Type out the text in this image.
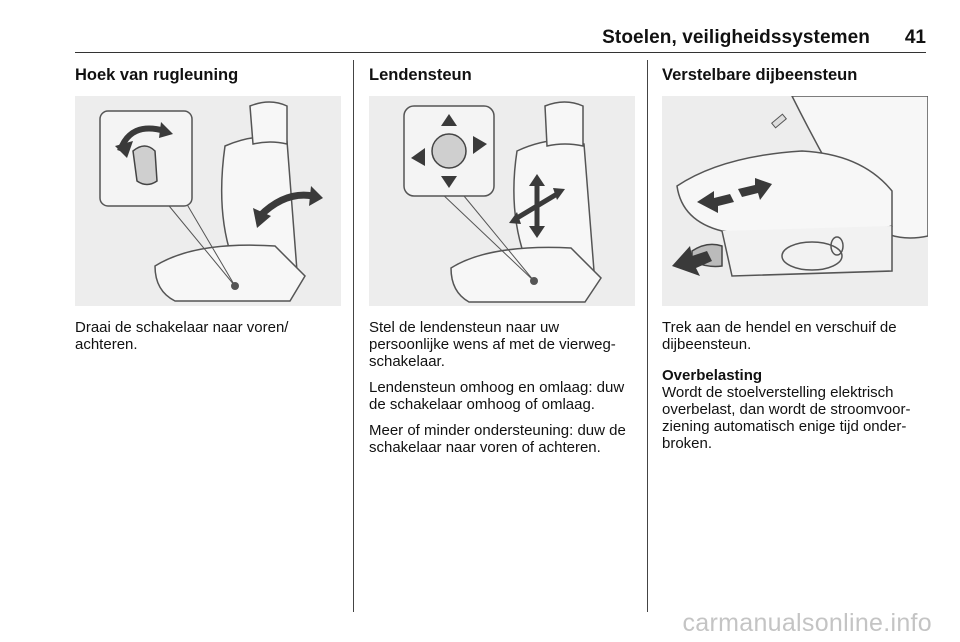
Stoelen, veiligheidssystemen 41
Hoek van rugleuning

Draai de schakelaar naar voren/ achteren.

Lendensteun

Stel de lendensteun naar uw persoonlijke wens af met de vierweg-schakelaar.

Lendensteun omhoog en omlaag: duw de schakelaar omhoog of omlaag.

Meer of minder ondersteuning: duw de schakelaar naar voren of achteren.

Verstelbare dijbeensteun

Trek aan de hendel en verschuif de dijbeensteun.

Overbelasting
Wordt de stoelverstelling elektrisch overbelast, dan wordt de stroomvoor-ziening automatisch enige tijd onder-broken.

carmanualsonline.info
